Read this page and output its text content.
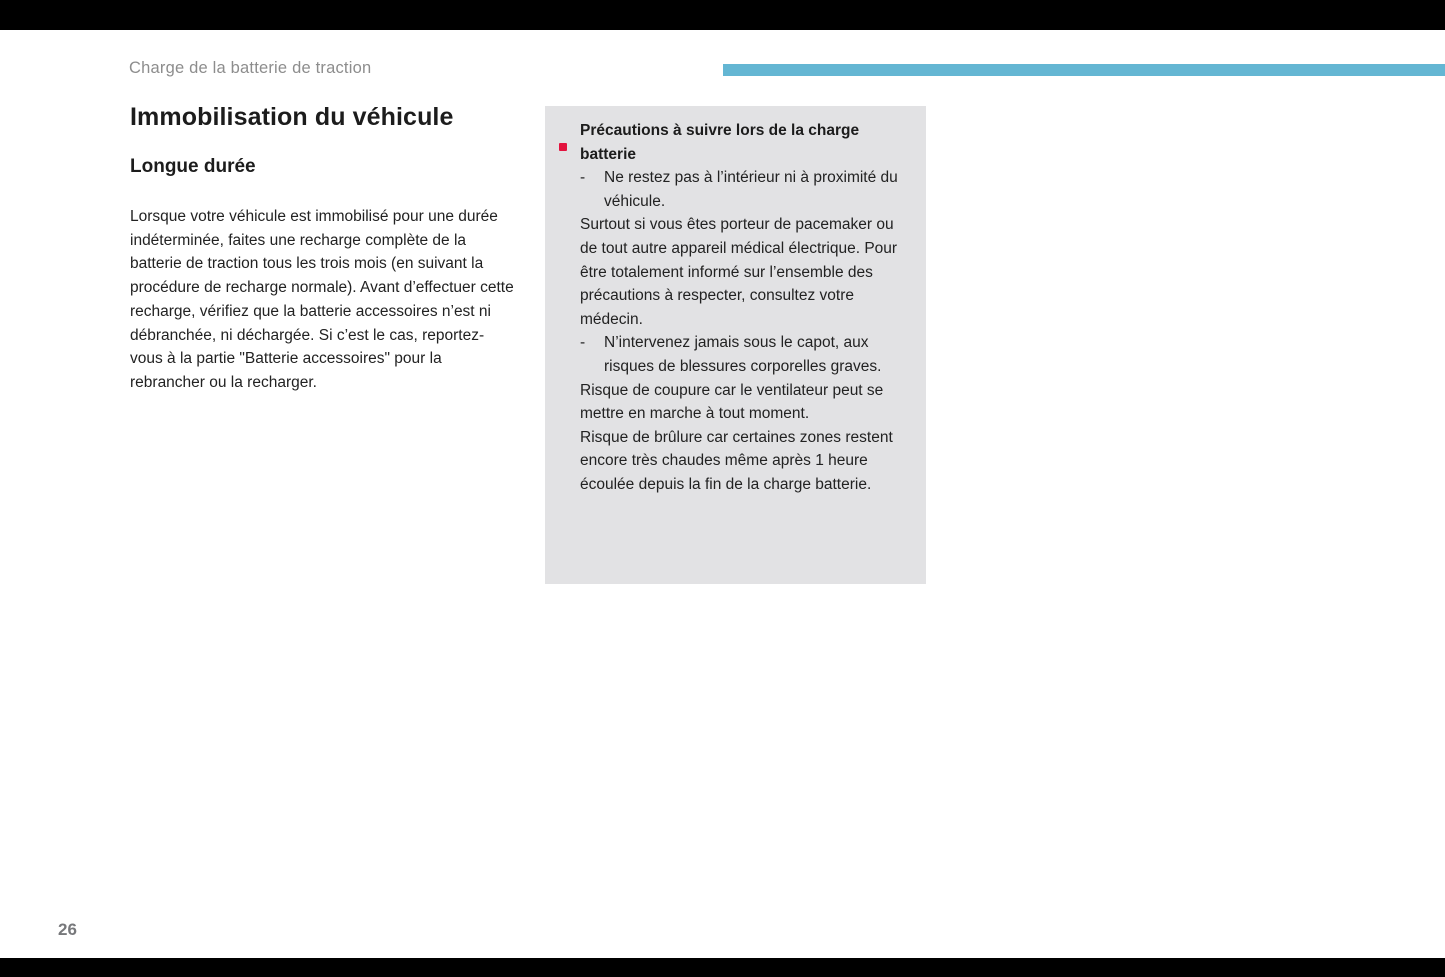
Charge de la batterie de traction
Immobilisation du véhicule
Longue durée

Lorsque votre véhicule est immobilisé pour une durée indéterminée, faites une recharge complète de la batterie de traction tous les trois mois (en suivant la procédure de recharge normale). Avant d’effectuer cette recharge, vérifiez que la batterie accessoires n’est ni débranchée, ni déchargée. Si c’est le cas, reportez-vous à la partie "Batterie accessoires" pour la rebrancher ou la recharger.

Précautions à suivre lors de la charge batterie
-	Ne restez pas à l’intérieur ni à proximité du véhicule.
Surtout si vous êtes porteur de pacemaker ou de tout autre appareil médical électrique. Pour être totalement informé sur l’ensemble des précautions à respecter, consultez votre médecin.
-	N’intervenez jamais sous le capot, aux risques de blessures corporelles graves.
Risque de coupure car le ventilateur peut se mettre en marche à tout moment.
Risque de brûlure car certaines zones restent encore très chaudes même après 1 heure écoulée depuis la fin de la charge batterie.
26
